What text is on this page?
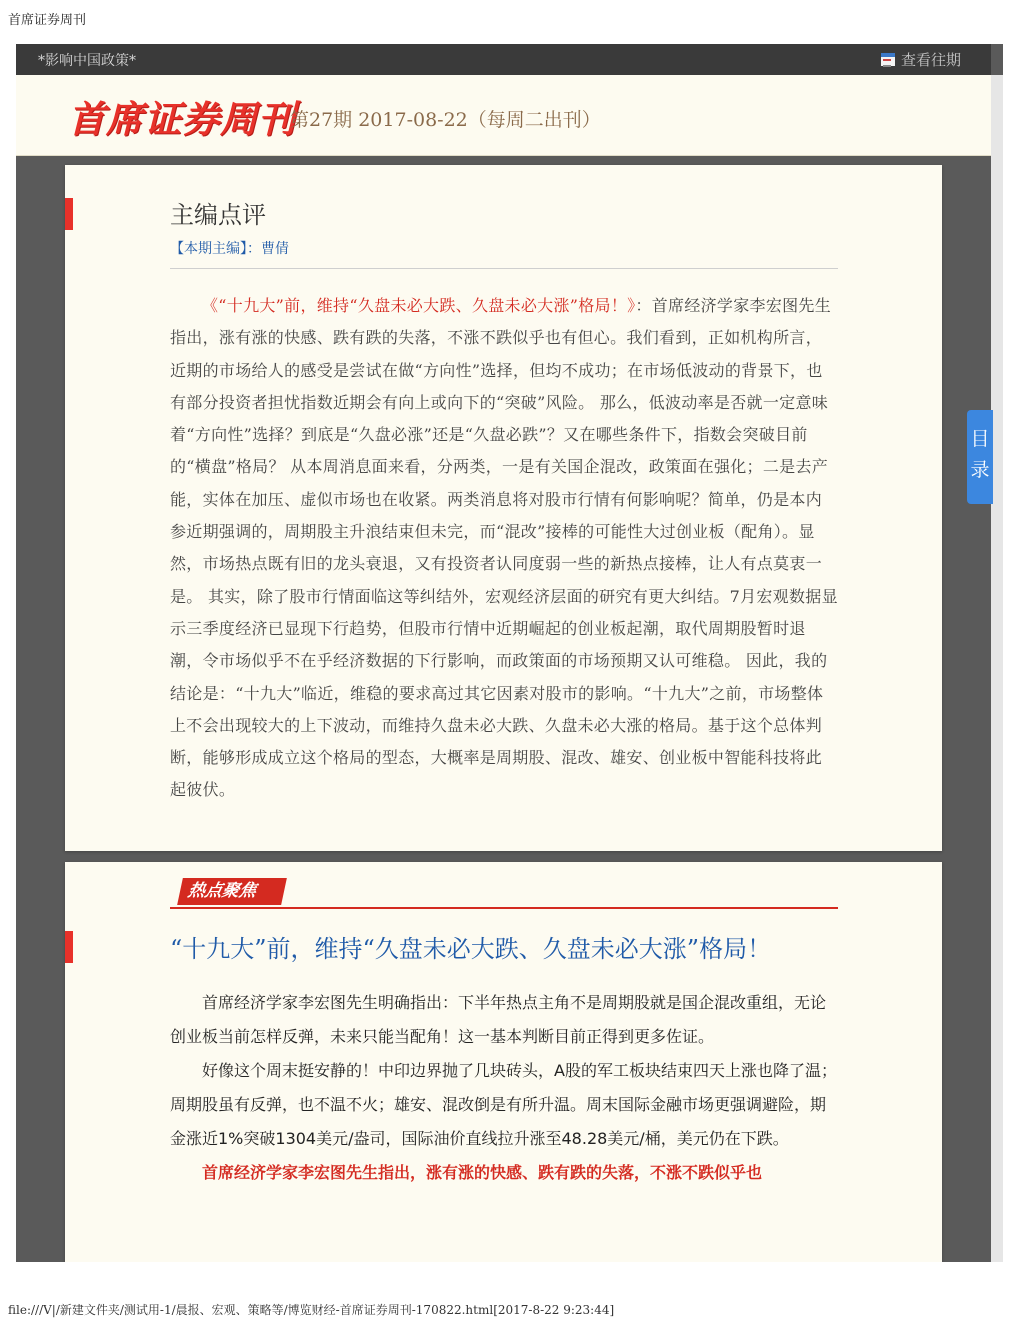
首席证券周刊
*影响中国政策*	查看往期
首席证券周刊
第27期 2017-08-22（每周二出刊）
主编点评
【本期主编】：曹倩
《“十九大”前，维持“久盘未必大跌、久盘未必大涨”格局！》：首席经济学家李宏图先生指出，涨有涨的快感、跌有跌的失落，不涨不跌似乎也有但心。我们看到，正如机构所言，近期的市场给人的感受是尝试在做“方向性”选择，但均不成功；在市场低波动的背景下，也有部分投资者担忧指数近期会有向上或向下的“突破”风险。 那么，低波动率是否就一定意味着“方向性”选择？到底是“久盘必涨”还是“久盘必跌”？又在哪些条件下，指数会突破目前的“横盘”格局？ 从本周消息面来看，分两类，一是有关国企混改，政策面在强化；二是去产能，实体在加压、虚似市场也在收紧。两类消息将对股市行情有何影响呢？简单，仍是本内参近期强调的，周期股主升浪结束但未完，而“混改”接棒的可能性大过创业板（配角）。显然，市场热点既有旧的龙头衰退，又有投资者认同度弱一些的新热点接棒，让人有点莫衷一是。 其实，除了股市行情面临这等纠结外，宏观经济层面的研究有更大纠结。7月宏观数据显示三季度经济已显现下行趋势，但股市行情中近期崛起的创业板起潮，取代周期股暂时退潮，令市场似乎不在乎经济数据的下行影响，而政策面的市场预期又认可维稳。 因此，我的结论是：“十九大”临近，维稳的要求高过其它因素对股市的影响。“十九大”之前，市场整体上不会出现较大的上下波动，而维持久盘未必大跌、久盘未必大涨的格局。基于这个总体判断，能够形成成立这个格局的型态，大概率是周期股、混改、雄安、创业板中智能科技将此起彼伏。
热点聚焦
“十九大”前，维持“久盘未必大跌、久盘未必大涨”格局！

首席经济学家李宏图先生明确指出：下半年热点主角不是周期股就是国企混改重组，无论创业板当前怎样反弹，未来只能当配角！这一基本判断目前正得到更多佐证。

好像这个周末挺安静的！中印边界抛了几块砖头，A股的军工板块结束四天上涨也降了温；周期股虽有反弹，也不温不火；雄安、混改倒是有所升温。周末国际金融市场更强调避险，期金涨近1%突破1304美元/盎司，国际油价直线拉升涨至48.28美元/桶，美元仍在下跌。

首席经济学家李宏图先生指出，涨有涨的快感、跌有跌的失落，不涨不跌似乎也

目
录
file:///V|/新建文件夹/测试用-1/晨报、宏观、策略等/博览财经-首席证券周刊-170822.html[2017-8-22 9:23:44]
